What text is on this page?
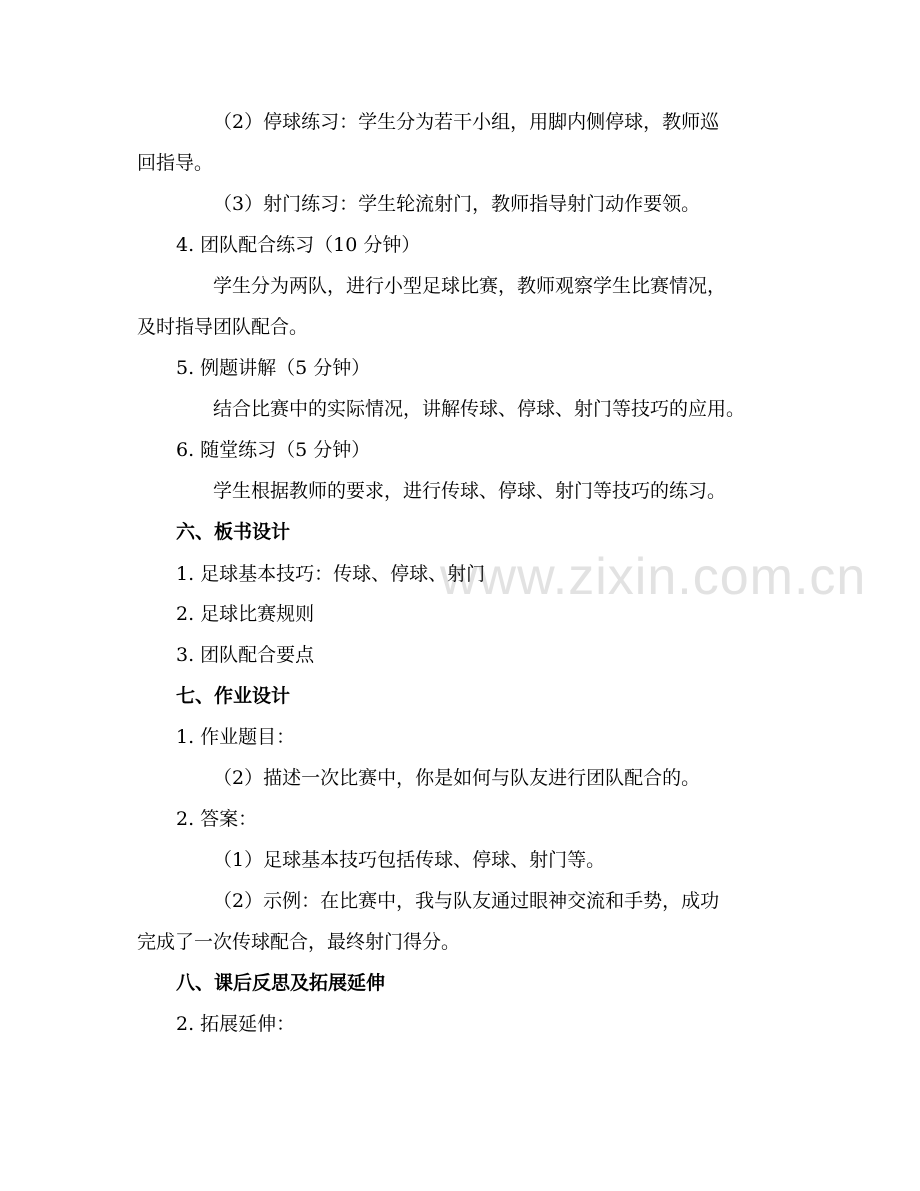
www.zixin.com.cn
（2）停球练习：学生分为若干小组，用脚内侧停球，教师巡
回指导。
（3）射门练习：学生轮流射门，教师指导射门动作要领。
4. 团队配合练习（10 分钟）
学生分为两队，进行小型足球比赛，教师观察学生比赛情况，
及时指导团队配合。
5. 例题讲解（5 分钟）
结合比赛中的实际情况，讲解传球、停球、射门等技巧的应用。
6. 随堂练习（5 分钟）
学生根据教师的要求，进行传球、停球、射门等技巧的练习。
六、板书设计
1. 足球基本技巧：传球、停球、射门
2. 足球比赛规则
3. 团队配合要点
七、作业设计
1. 作业题目：
（2）描述一次比赛中，你是如何与队友进行团队配合的。
2. 答案：
（1）足球基本技巧包括传球、停球、射门等。
（2）示例：在比赛中，我与队友通过眼神交流和手势，成功
完成了一次传球配合，最终射门得分。
八、课后反思及拓展延伸
2. 拓展延伸：
